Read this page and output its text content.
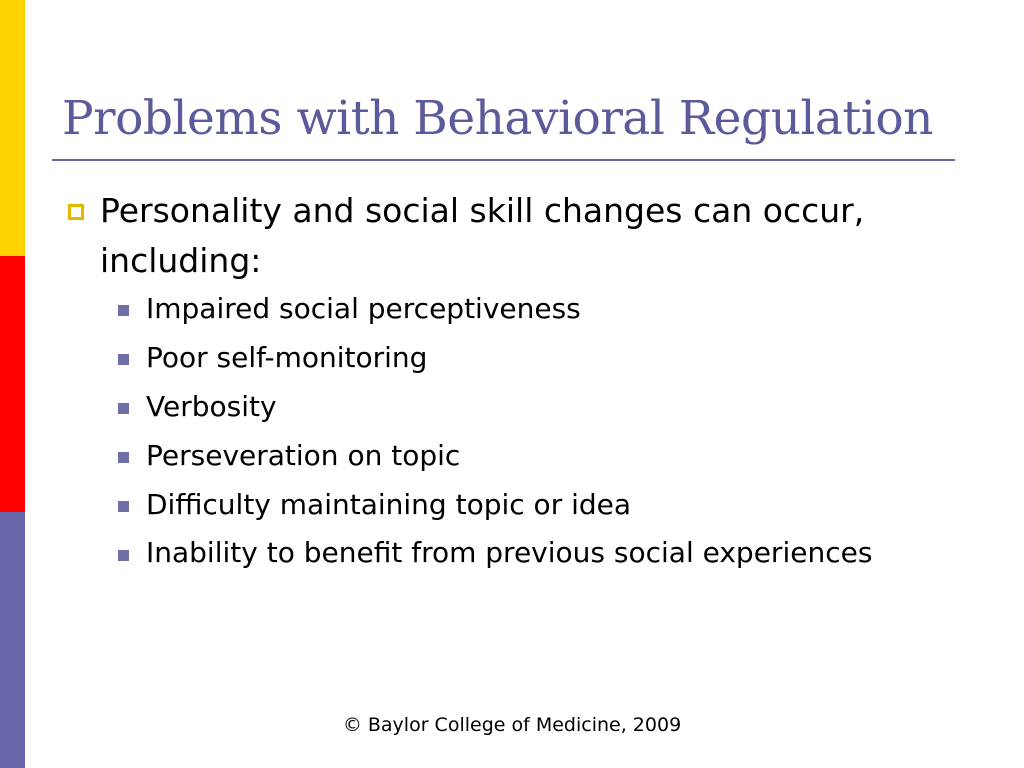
Problems with Behavioral Regulation
Personality and social skill changes can occur, including:
Impaired social perceptiveness
Poor self-monitoring
Verbosity
Perseveration on topic
Difficulty maintaining topic or idea
Inability to benefit from previous social experiences
© Baylor College of Medicine, 2009
